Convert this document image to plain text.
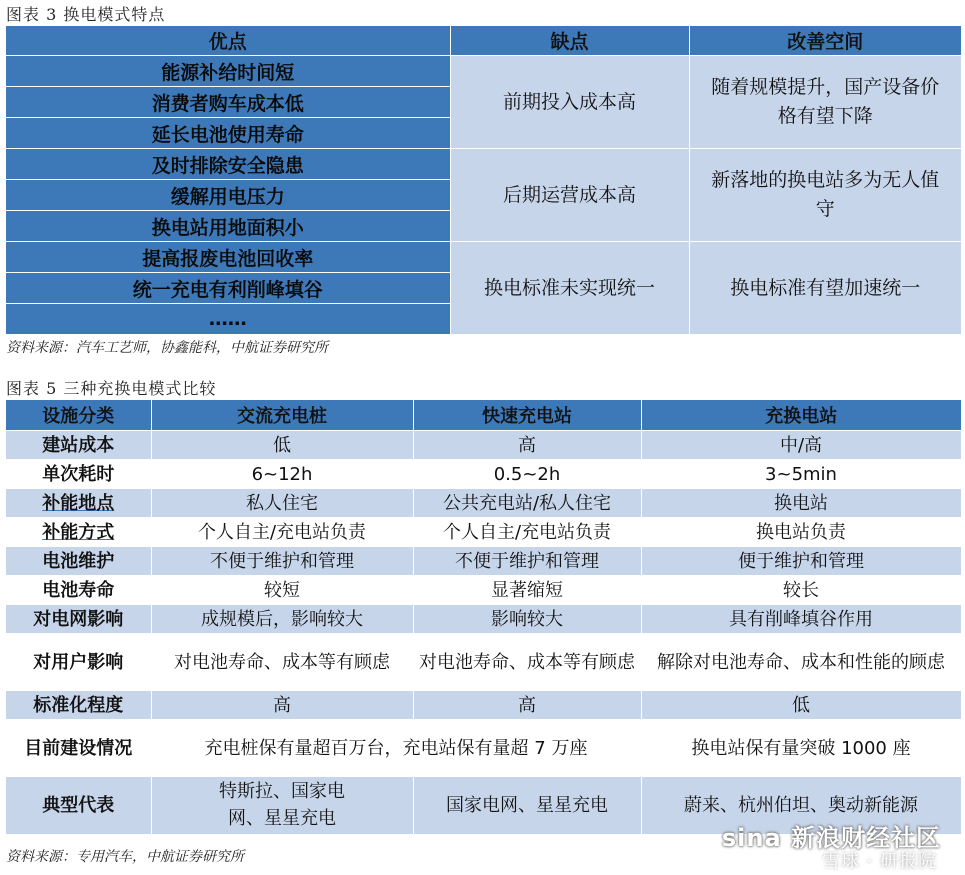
图表 3 换电模式特点
优点	缺点	改善空间
能源补给时间短	前期投入成本高	随着规模提升，国产设备价格有望下降
消费者购车成本低		
延长电池使用寿命		
及时排除安全隐患	后期运营成本高	新落地的换电站多为无人值守
缓解用电压力		
换电站用地面积小		
提高报废电池回收率	换电标准未实现统一	换电标准有望加速统一
统一充电有利削峰填谷		
……		
资料来源：汽车工艺师，协鑫能科，中航证券研究所
图表 5 三种充换电模式比较
设施分类	交流充电桩	快速充电站	充换电站
建站成本	低	高	中/高
单次耗时	6~12h	0.5~2h	3~5min
补能地点	私人住宅	公共充电站/私人住宅	换电站
补能方式	个人自主/充电站负责	个人自主/充电站负责	换电站负责
电池维护	不便于维护和管理	不便于维护和管理	便于维护和管理
电池寿命	较短	显著缩短	较长
对电网影响	成规模后，影响较大	影响较大	具有削峰填谷作用
对用户影响	对电池寿命、成本等有顾虑	对电池寿命、成本等有顾虑	解除对电池寿命、成本和性能的顾虑
标准化程度	高	高	低
目前建设情况	充电桩保有量超百万台，充电站保有量超 7 万座		换电站保有量突破 1000 座
典型代表	特斯拉、国家电网、星星充电	国家电网、星星充电	蔚来、杭州伯坦、奥动新能源
资料来源：专用汽车，中航证券研究所
sina 新浪财经社区
雪球 · 研报院
